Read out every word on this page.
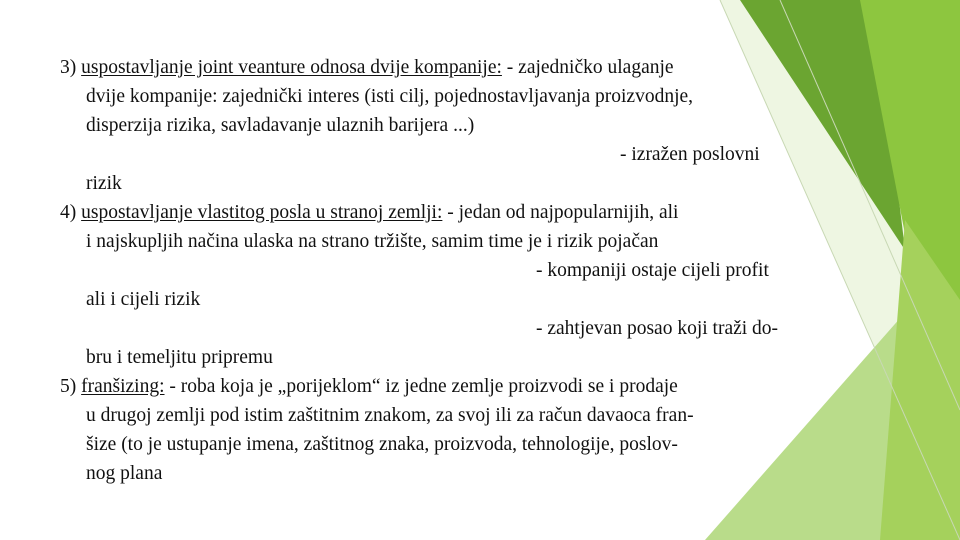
3) uspostavljanje joint veanture odnosa dvije kompanije: - zajedničko ulaganje

dvije kompanije: zajednički interes (isti cilj, pojednostavljavanja proizvodnje,

disperzija rizika, savladavanje ulaznih barijera ...)

- izražen poslovni

rizik

4) uspostavljanje vlastitog posla u stranoj zemlji: - jedan od najpopularnijih, ali

i najskupljih načina ulaska na strano tržište, samim time je i rizik pojačan

- kompaniji ostaje cijeli profit

ali i cijeli rizik

- zahtjevan posao koji traži do-

bru i temeljitu pripremu

5) franšizing: - roba koja je „porijeklom“ iz jedne zemlje proizvodi se i prodaje

u drugoj zemlji pod istim zaštitnim znakom, za svoj ili za račun davaoca fran-

šize (to je ustupanje imena, zaštitnog znaka, proizvoda, tehnologije, poslov-

nog plana
